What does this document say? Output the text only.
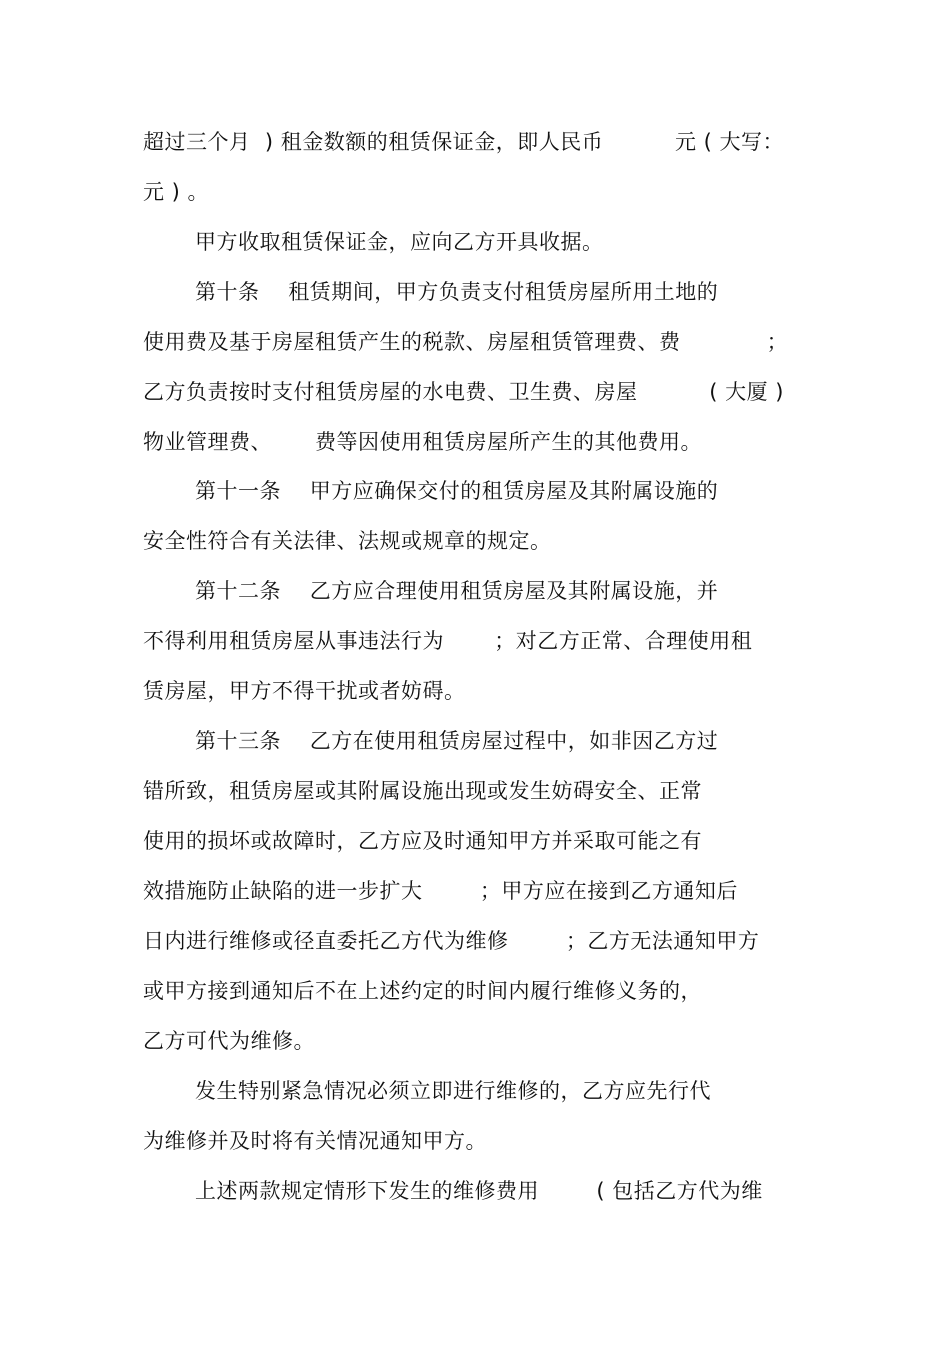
超过三个月  ) 租金数额的租赁保证金，即人民币          元 ( 大写：
元 ) 。
甲方收取租赁保证金，应向乙方开具收据。
第十条    租赁期间，甲方负责支付租赁房屋所用土地的
使用费及基于房屋租赁产生的税款、房屋租赁管理费、费            ；
乙方负责按时支付租赁房屋的水电费、卫生费、房屋          ( 大厦 )
物业管理费、      费等因使用租赁房屋所产生的其他费用。
第十一条    甲方应确保交付的租赁房屋及其附属设施的
安全性符合有关法律、法规或规章的规定。
第十二条    乙方应合理使用租赁房屋及其附属设施，并
不得利用租赁房屋从事违法行为       ；对乙方正常、合理使用租
赁房屋，甲方不得干扰或者妨碍。
第十三条    乙方在使用租赁房屋过程中，如非因乙方过
错所致，租赁房屋或其附属设施出现或发生妨碍安全、正常
使用的损坏或故障时，乙方应及时通知甲方并采取可能之有
效措施防止缺陷的进一步扩大        ；甲方应在接到乙方通知后
日内进行维修或径直委托乙方代为维修        ；乙方无法通知甲方
或甲方接到通知后不在上述约定的时间内履行维修义务的，
乙方可代为维修。
发生特别紧急情况必须立即进行维修的，乙方应先行代
为维修并及时将有关情况通知甲方。
上述两款规定情形下发生的维修费用        ( 包括乙方代为维
